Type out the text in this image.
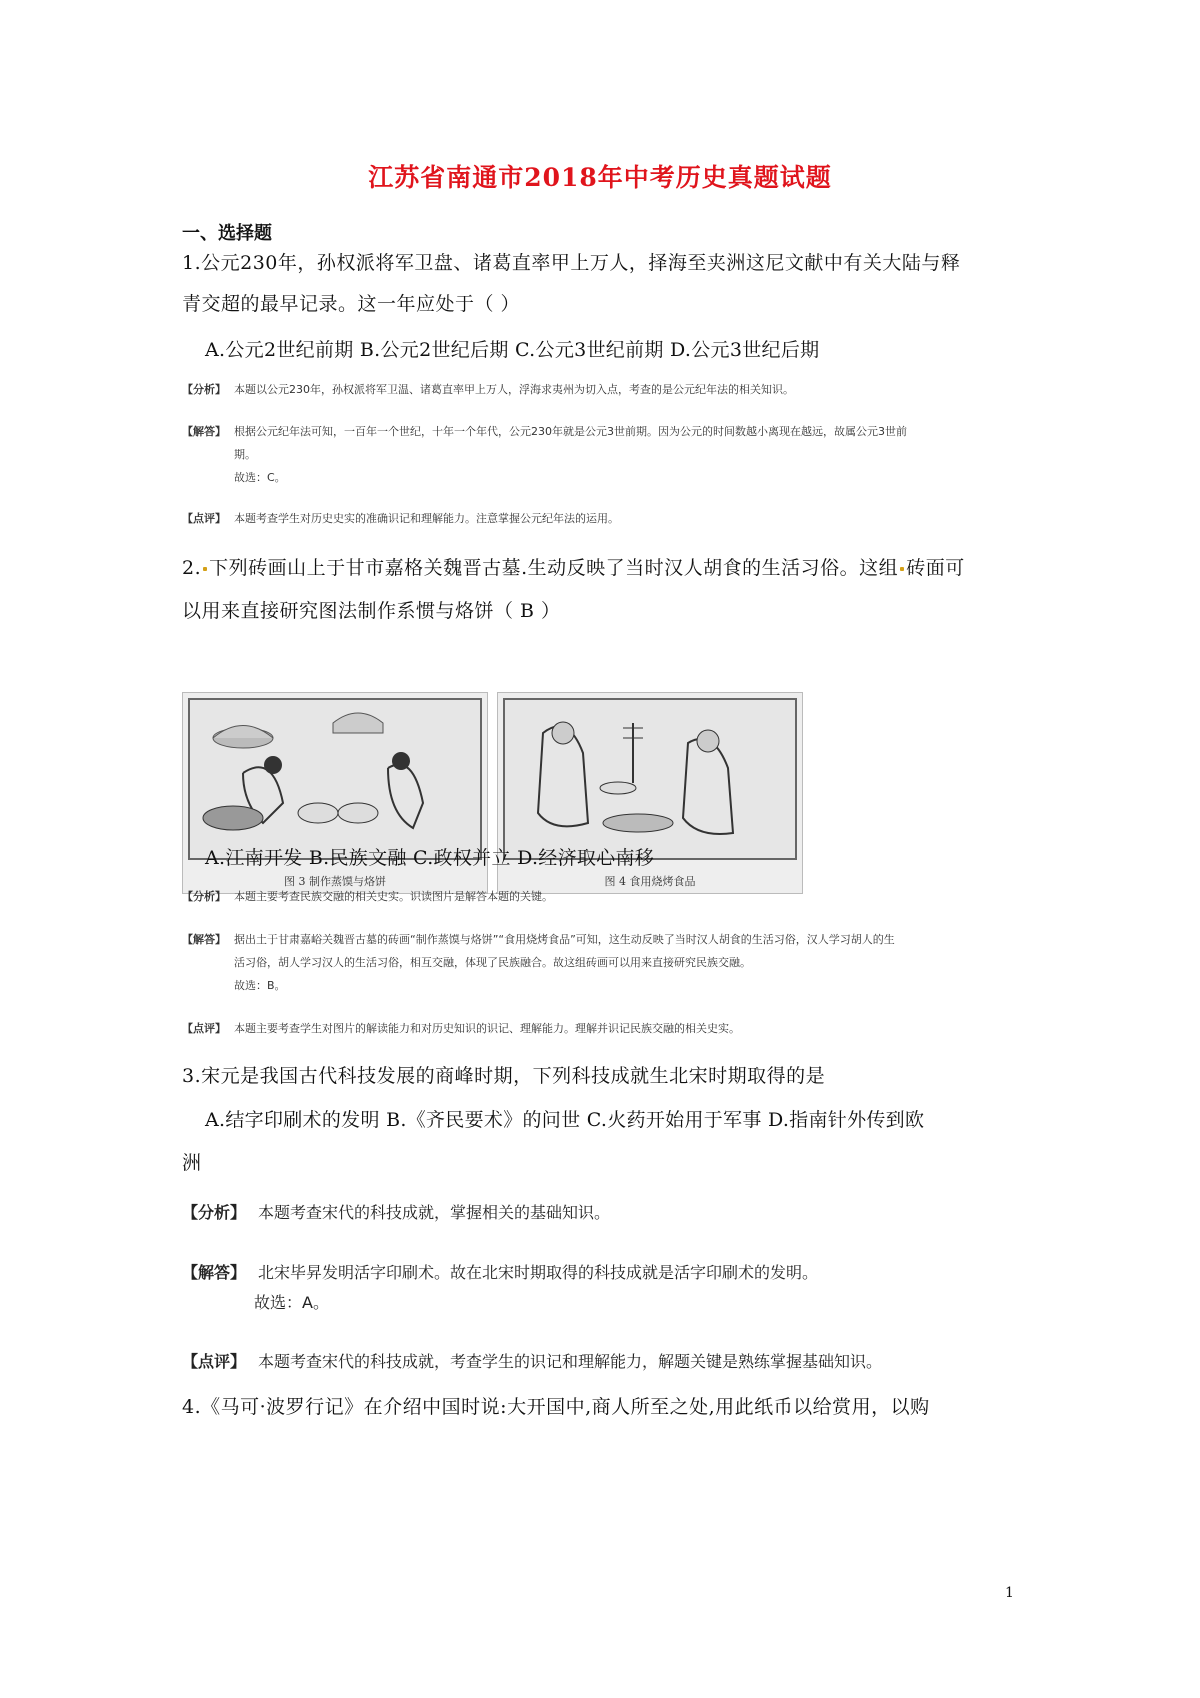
江苏省南通市2018年中考历史真题试题
一、选择题
1.公元230年，孙权派将军卫盘、诸葛直率甲上万人，择海至夹洲这尼文献中有关大陆与释
青交超的最早记录。这一年应处于（ ）
A.公元2世纪前期 B.公元2世纪后期 C.公元3世纪前期 D.公元3世纪后期
【分析】 本题以公元230年，孙权派将军卫温、诸葛直率甲上万人，浮海求夷州为切入点，考查的是公元纪年法的相关知识。
【解答】 根据公元纪年法可知，一百年一个世纪，十年一个年代，公元230年就是公元3世前期。因为公元的时间数越小离现在越远，故属公元3世前
期。
故选：C。
【点评】 本题考查学生对历史史实的准确识记和理解能力。注意掌握公元纪年法的运用。
2. 下列砖画山上于甘市嘉格关魏晋古墓.生动反映了当时汉人胡食的生活习俗。这组 砖面可
以用来直接研究图法制作系惯与烙饼（ B ）
图 3 制作蒸馍与烙饼	图 4 食用烧烤食品
A.江南开发 B.民族文融 C.政权并立 D.经济取心南移
【分析】 本题主要考查民族交融的相关史实。识读图片是解答本题的关键。
【解答】 据出土于甘肃嘉峪关魏晋古墓的砖画“制作蒸馍与烙饼”“食用烧烤食品”可知，这生动反映了当时汉人胡食的生活习俗，汉人学习胡人的生
活习俗，胡人学习汉人的生活习俗，相互交融，体现了民族融合。故这组砖画可以用来直接研究民族交融。
故选：B。
【点评】 本题主要考查学生对图片的解读能力和对历史知识的识记、理解能力。理解并识记民族交融的相关史实。
3.宋元是我国古代科技发展的商峰时期，下列科技成就生北宋时期取得的是
A.结字印刷术的发明 B.《齐民要术》的问世 C.火药开始用于军事 D.指南针外传到欧
洲
【分析】 本题考查宋代的科技成就，掌握相关的基础知识。
【解答】 北宋毕昇发明活字印刷术。故在北宋时期取得的科技成就是活字印刷术的发明。
故选：A。
【点评】 本题考查宋代的科技成就，考查学生的识记和理解能力，解题关键是熟练掌握基础知识。
4.《马可·波罗行记》在介绍中国时说:大开国中,商人所至之处,用此纸币以给赏用，以购
1
